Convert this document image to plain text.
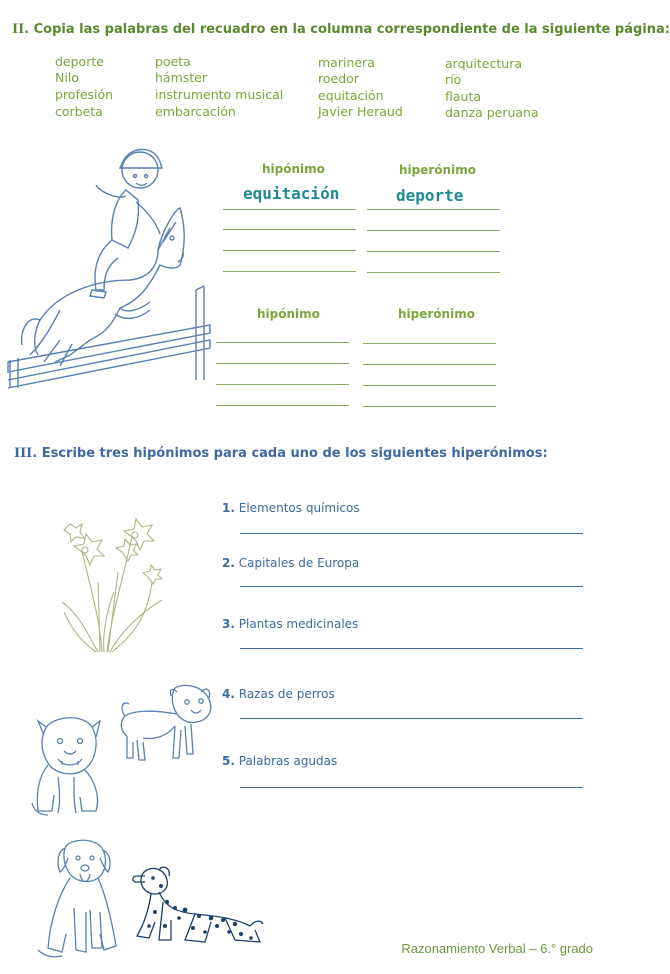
II. Copia las palabras del recuadro en la columna correspondiente de la siguiente página:
deporte
Nilo
profesión
corbeta
poeta
hámster
instrumento musical
embarcación
marinera
roedor
equitación
Javier Heraud
arquitectura
río
flauta
danza peruana
hipónimo	hiperónimo
equitación	deporte
hipónimo	hiperónimo
III. Escribe tres hipónimos para cada uno de los siguientes hiperónimos:
1. Elementos químicos
2. Capitales de Europa
3. Plantas medicinales
4. Razas de perros
5. Palabras agudas
Razonamiento Verbal – 6.° grado
